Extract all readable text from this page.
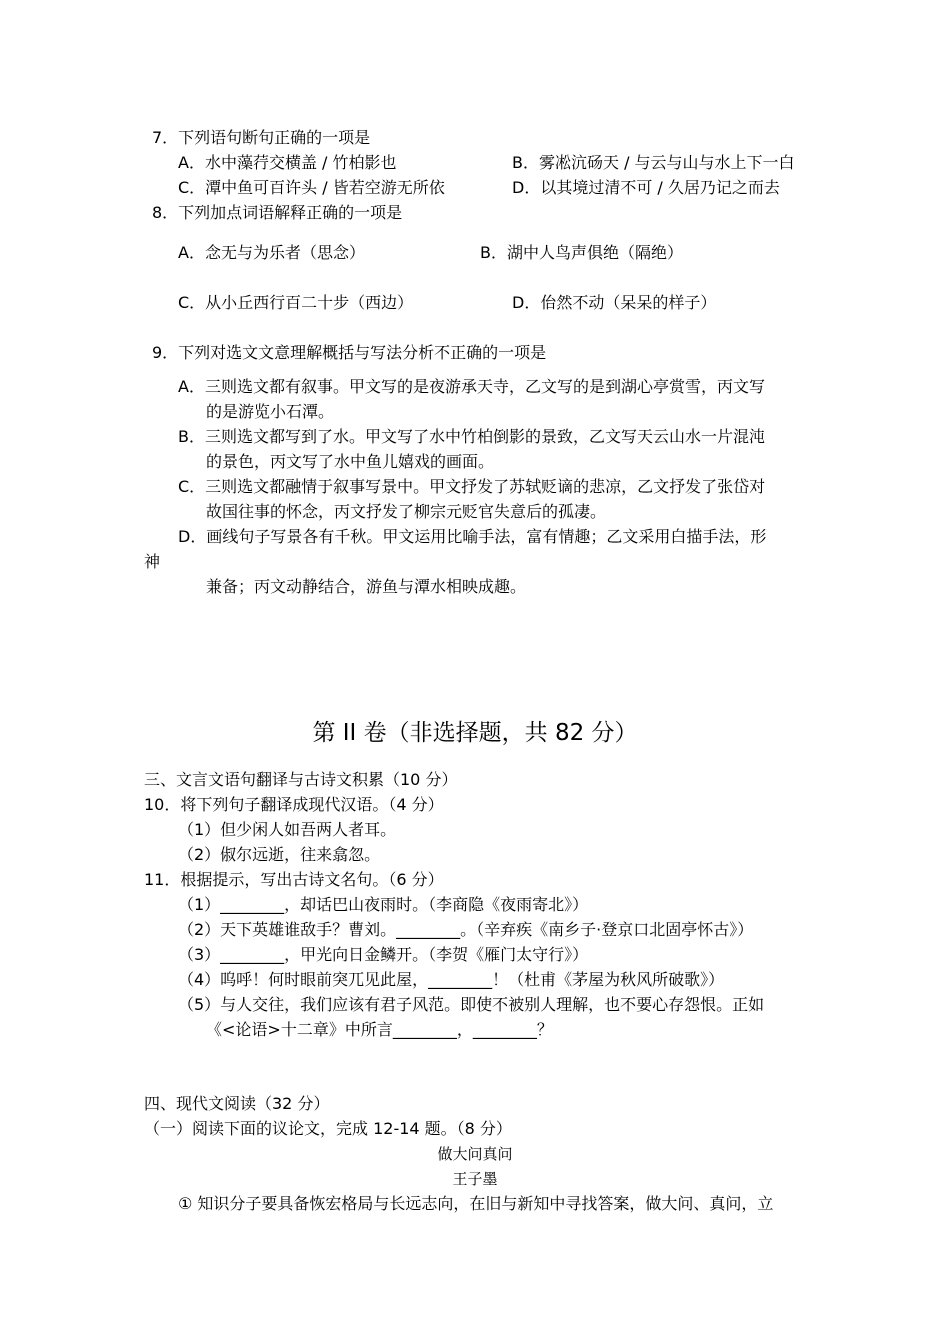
7．下列语句断句正确的一项是
A．水中藻荇交横盖 / 竹柏影也	B．雾凇沆砀天 / 与云与山与水上下一白
C．潭中鱼可百许头 / 皆若空游无所依	D．以其境过清不可 / 久居乃记之而去
8．下列加点词语解释正确的一项是
A．念无与为乐者（思念）	B．湖中人鸟声俱绝（隔绝）
C．从小丘西行百二十步（西边）	D．佁然不动（呆呆的样子）
9．下列对选文文意理解概括与写法分析不正确的一项是
A．三则选文都有叙事。甲文写的是夜游承天寺，乙文写的是到湖心亭赏雪，丙文写
的是游览小石潭。
B．三则选文都写到了水。甲文写了水中竹柏倒影的景致，乙文写天云山水一片混沌
的景色，丙文写了水中鱼儿嬉戏的画面。
C．三则选文都融情于叙事写景中。甲文抒发了苏轼贬谪的悲凉，乙文抒发了张岱对
故国往事的怀念，丙文抒发了柳宗元贬官失意后的孤凄。
D．画线句子写景各有千秋。甲文运用比喻手法，富有情趣；乙文采用白描手法，形
神
兼备；丙文动静结合，游鱼与潭水相映成趣。
第 II 卷（非选择题，共 82 分）
三、文言文语句翻译与古诗文积累（10 分）
10．将下列句子翻译成现代汉语。（4 分）
（1）但少闲人如吾两人者耳。
（2）俶尔远逝，往来翕忽。
11．根据提示，写出古诗文名句。（6 分）
（1）________，却话巴山夜雨时。（李商隐《夜雨寄北》）
（2）天下英雄谁敌手？曹刘。________。（辛弃疾《南乡子·登京口北固亭怀古》）
（3）________，甲光向日金鳞开。（李贺《雁门太守行》）
（4）呜呼！何时眼前突兀见此屋，________！（杜甫《茅屋为秋风所破歌》）
（5）与人交往，我们应该有君子风范。即使不被别人理解，也不要心存怨恨。正如
《<论语>十二章》中所言________，________？
四、现代文阅读（32 分）
（一）阅读下面的议论文，完成 12-14 题。（8 分）
做大问真问
王子墨
① 知识分子要具备恢宏格局与长远志向，在旧与新知中寻找答案，做大问、真问，立
